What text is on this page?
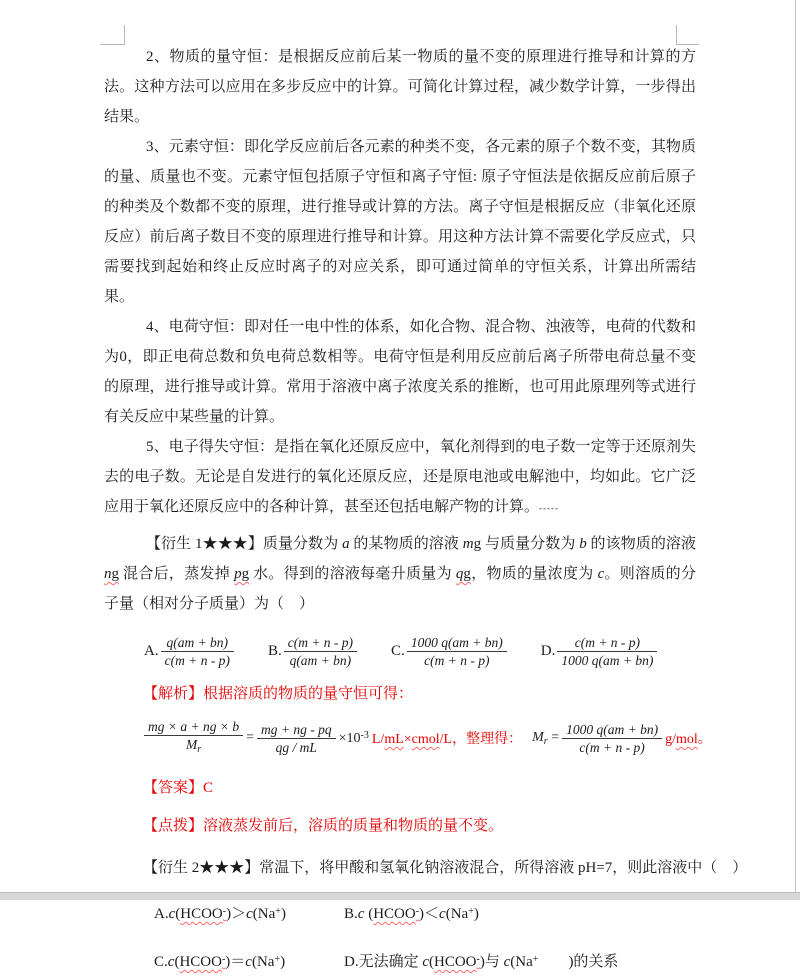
2、物质的量守恒：是根据反应前后某一物质的量不变的原理进行推导和计算的方法。这种方法可以应用在多步反应中的计算。可简化计算过程，减少数学计算，一步得出结果。

3、元素守恒：即化学反应前后各元素的种类不变，各元素的原子个数不变，其物质的量、质量也不变。元素守恒包括原子守恒和离子守恒: 原子守恒法是依据反应前后原子的种类及个数都不变的原理，进行推导或计算的方法。离子守恒是根据反应（非氧化还原反应）前后离子数目不变的原理进行推导和计算。用这种方法计算不需要化学反应式，只需要找到起始和终止反应时离子的对应关系，即可通过简单的守恒关系，计算出所需结果。

4、电荷守恒：即对任一电中性的体系，如化合物、混合物、浊液等，电荷的代数和为0，即正电荷总数和负电荷总数相等。电荷守恒是利用反应前后离子所带电荷总量不变的原理，进行推导或计算。常用于溶液中离子浓度关系的推断，也可用此原理列等式进行有关反应中某些量的计算。

5、电子得失守恒：是指在氧化还原反应中，氧化剂得到的电子数一定等于还原剂失去的电子数。无论是自发进行的氧化还原反应，还是原电池或电解池中，均如此。它广泛应用于氧化还原反应中的各种计算，甚至还包括电解产物的计算。-----

【衍生 1★★★】质量分数为 a 的某物质的溶液 mg 与质量分数为 b 的该物质的溶液 ng 混合后，蒸发掉 pg 水。得到的溶液每毫升质量为 qg，物质的量浓度为 c。则溶质的分子量（相对分子质量）为（　）

A. $\frac{q(am + bn)}{c(m + n - p)} B$. $\frac{c(m + n - p)}{q(am + bn)} C$. $\frac{1000 q(am + bn)}{c(m + n - p)} D$. $\frac{c(m + n - p)}{1000 q(am + bn)}$
【解析】根据溶质的物质的量守恒可得：
$\frac{mg \times a + ng \times b}{M_r} = \frac{mg + ng - pq}{qg / mL} \times 10^{-3}$ L/mL×cmol/L，整理得：　 $M_r = \frac{1000 q(am + bn)}{c(m + n - p)} g/mol$。
【答案】C
【点拨】溶液蒸发前后，溶质的质量和物质的量不变。
【衍生 2★★★】常温下，将甲酸和氢氧化钠溶液混合，所得溶液 pH=7，则此溶液中（　）
A.c(HCOO-)＞c(Na+)	B.c (HCOO-)＜c(Na+)
C.c(HCOO-)＝c(Na+)	D.无法确定 c(HCOO-)与 c(Na+　　)的关系
